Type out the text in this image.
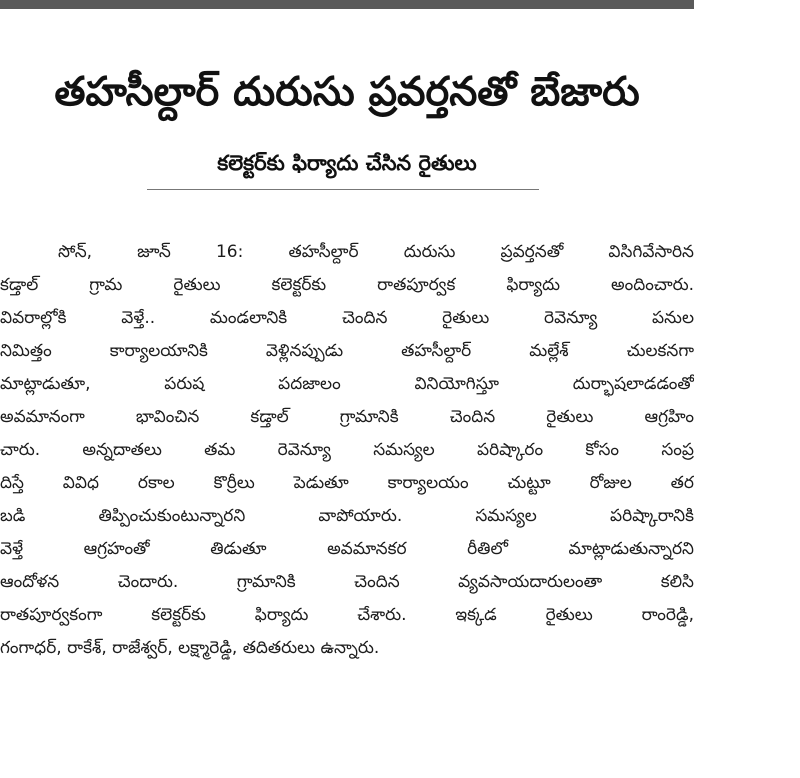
తహసీల్దార్ దురుసు ప్రవర్తనతో బేజారు
కలెక్టర్‌కు ఫిర్యాదు చేసిన రైతులు
సోన్, జూన్ 16: తహసీల్దార్ దురుసు ప్రవర్తనతో విసిగివేసారిన
కడ్తాల్ గ్రామ రైతులు కలెక్టర్‌కు రాతపూర్వక ఫిర్యాదు అందించారు.
వివరాల్లోకి వెళ్తే.. మండలానికి చెందిన రైతులు రెవెన్యూ పనుల
నిమిత్తం కార్యాలయానికి వెళ్లినప్పుడు తహసీల్దార్ మల్లేశ్ చులకనగా
మాట్లాడుతూ, పరుష పదజాలం వినియోగిస్తూ దుర్భాషలాడడంతో
అవమానంగా భావించిన కడ్తాల్ గ్రామానికి చెందిన రైతులు ఆగ్రహిం
చారు. అన్నదాతలు తమ రెవెన్యూ సమస్యల పరిష్కారం కోసం సంప్ర
దిస్తే వివిధ రకాల కొర్రీలు పెడుతూ కార్యాలయం చుట్టూ రోజుల తర
బడి తిప్పించుకుంటున్నారని వాపోయారు. సమస్యల పరిష్కారానికి
వెళ్తే ఆగ్రహంతో తిడుతూ అవమానకర రీతిలో మాట్లాడుతున్నారని
ఆందోళన చెందారు. గ్రామానికి చెందిన వ్యవసాయదారులంతా కలిసి
రాతపూర్వకంగా కలెక్టర్‌కు ఫిర్యాదు చేశారు. ఇక్కడ రైతులు రాంరెడ్డి,
గంగాధర్, రాకేశ్, రాజేశ్వర్, లక్ష్మారెడ్డి, తదితరులు ఉన్నారు.
